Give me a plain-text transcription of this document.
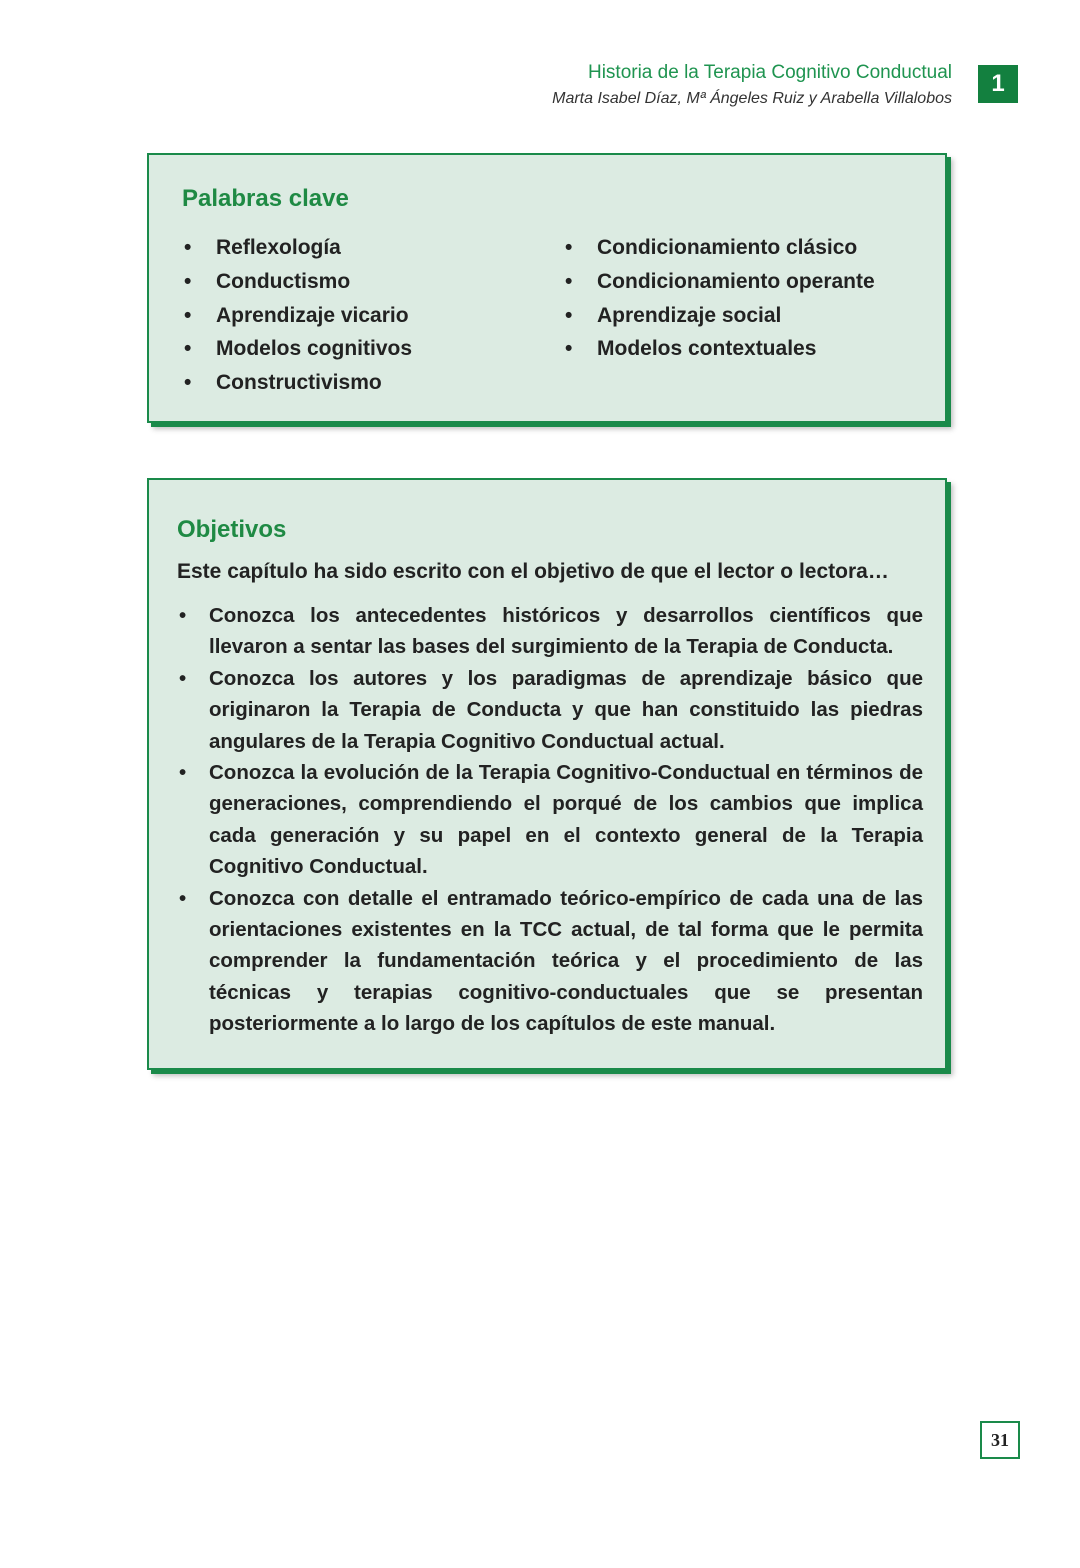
Historia de la Terapia Cognitivo Conductual
Marta Isabel Díaz, Mª Ángeles Ruiz y Arabella Villalobos
1
Palabras clave
• Reflexología
• Conductismo
• Aprendizaje vicario
• Modelos cognitivos
• Constructivismo
• Condicionamiento clásico
• Condicionamiento operante
• Aprendizaje social
• Modelos contextuales
Objetivos
Este capítulo ha sido escrito con el objetivo de que el lector o lectora…
• Conozca los antecedentes históricos y desarrollos científicos que llevaron a sentar las bases del surgimiento de la Terapia de Conducta.
• Conozca los autores y los paradigmas de aprendizaje básico que originaron la Terapia de Conducta y que han constituido las piedras angulares de la Terapia Cognitivo Conductual actual.
• Conozca la evolución de la Terapia Cognitivo-Conductual en términos de generaciones, comprendiendo el porqué de los cambios que implica cada generación y su papel en el contexto general de la Terapia Cognitivo Conductual.
• Conozca con detalle el entramado teórico-empírico de cada una de las orientaciones existentes en la TCC actual, de tal forma que le permita comprender la fundamentación teórica y el procedimiento de las técnicas y terapias cognitivo-conductuales que se presentan posteriormente a lo largo de los capítulos de este manual.
31
